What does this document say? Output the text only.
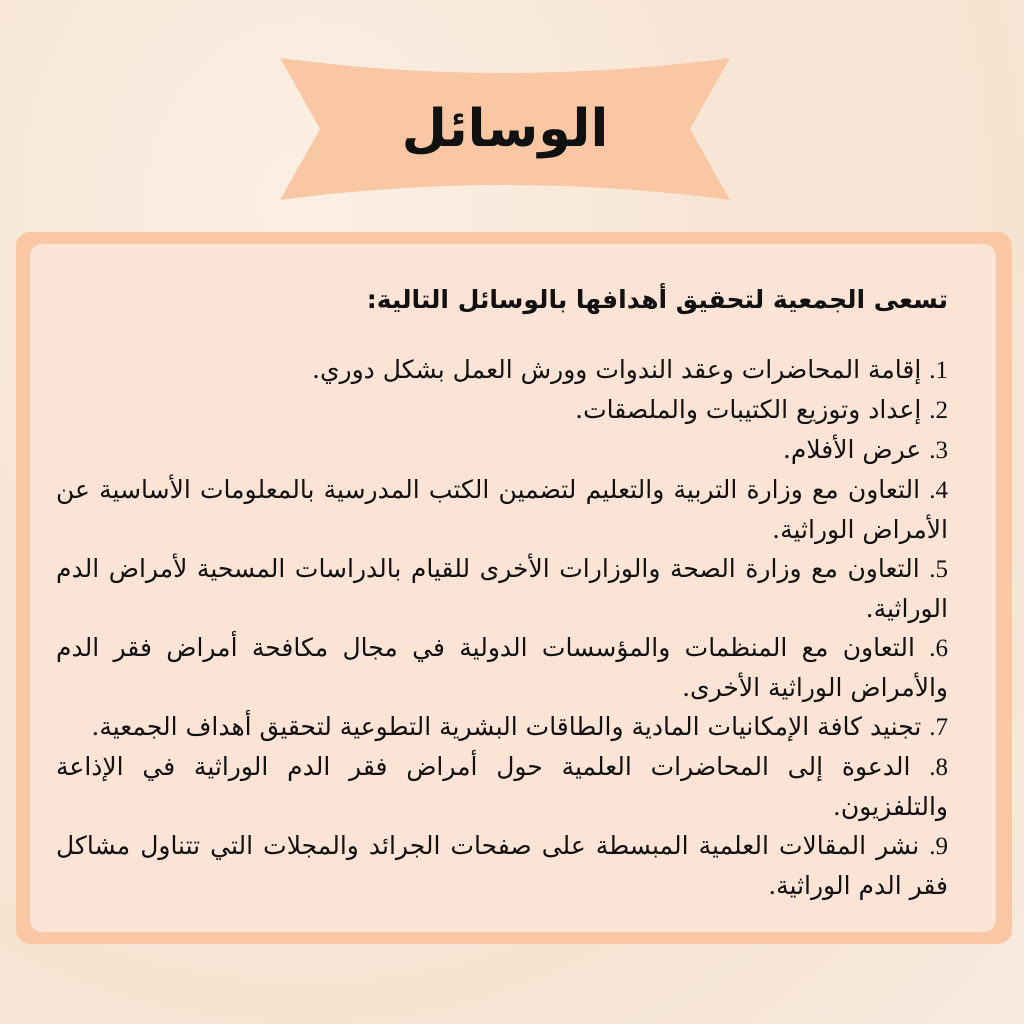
الوسائل

تسعى الجمعية لتحقيق أهدافها بالوسائل التالية:

1. إقامة المحاضرات وعقد الندوات وورش العمل بشكل دوري.
2. إعداد وتوزيع الكتيبات والملصقات.
3. عرض الأفلام.
4. التعاون مع وزارة التربية والتعليم لتضمين الكتب المدرسية بالمعلومات الأساسية عن الأمراض الوراثية.
5. التعاون مع وزارة الصحة والوزارات الأخرى للقيام بالدراسات المسحية لأمراض الدم الوراثية.
6. التعاون مع المنظمات والمؤسسات الدولية في مجال مكافحة أمراض فقر الدم والأمراض الوراثية الأخرى.
7. تجنيد كافة الإمكانيات المادية والطاقات البشرية التطوعية لتحقيق أهداف الجمعية.
8. الدعوة إلى المحاضرات العلمية حول أمراض فقر الدم الوراثية في الإذاعة والتلفزيون.
9. نشر المقالات العلمية المبسطة على صفحات الجرائد والمجلات التي تتناول مشاكل فقر الدم الوراثية.
